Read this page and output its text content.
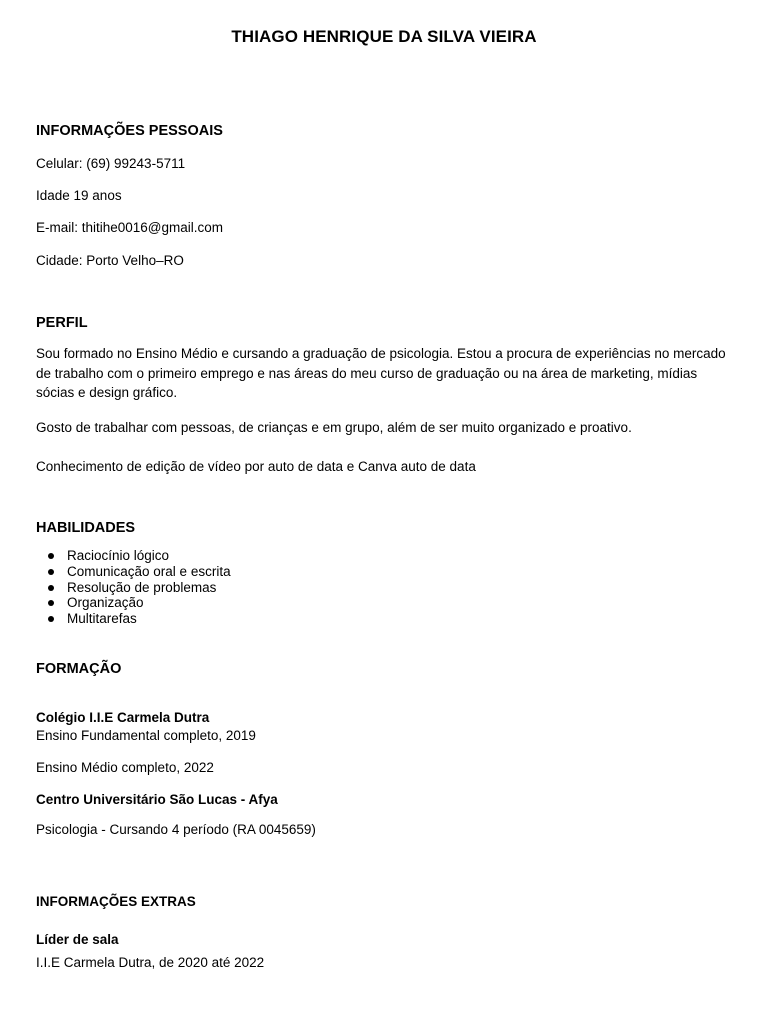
THIAGO HENRIQUE DA SILVA VIEIRA
INFORMAÇÕES PESSOAIS
Celular: (69) 99243-5711
Idade 19 anos
E-mail: thitihe0016@gmail.com
Cidade: Porto Velho–RO
PERFIL
Sou formado no Ensino Médio e cursando a graduação de psicologia. Estou a procura de experiências no mercado de trabalho com o primeiro emprego e nas áreas do meu curso de graduação ou na área de marketing, mídias sócias e design gráfico.
Gosto de trabalhar com pessoas, de crianças e em grupo, além de ser muito organizado e proativo.
Conhecimento de edição de vídeo por auto de data e Canva auto de data
HABILIDADES
Raciocínio lógico
Comunicação oral e escrita
Resolução de problemas
Organização
Multitarefas
FORMAÇÃO
Colégio I.I.E Carmela Dutra
Ensino Fundamental completo, 2019
Ensino Médio completo, 2022
Centro Universitário São Lucas - Afya
Psicologia - Cursando 4 período (RA 0045659)
INFORMAÇÕES EXTRAS
Líder de sala
I.I.E Carmela Dutra, de 2020 até 2022
